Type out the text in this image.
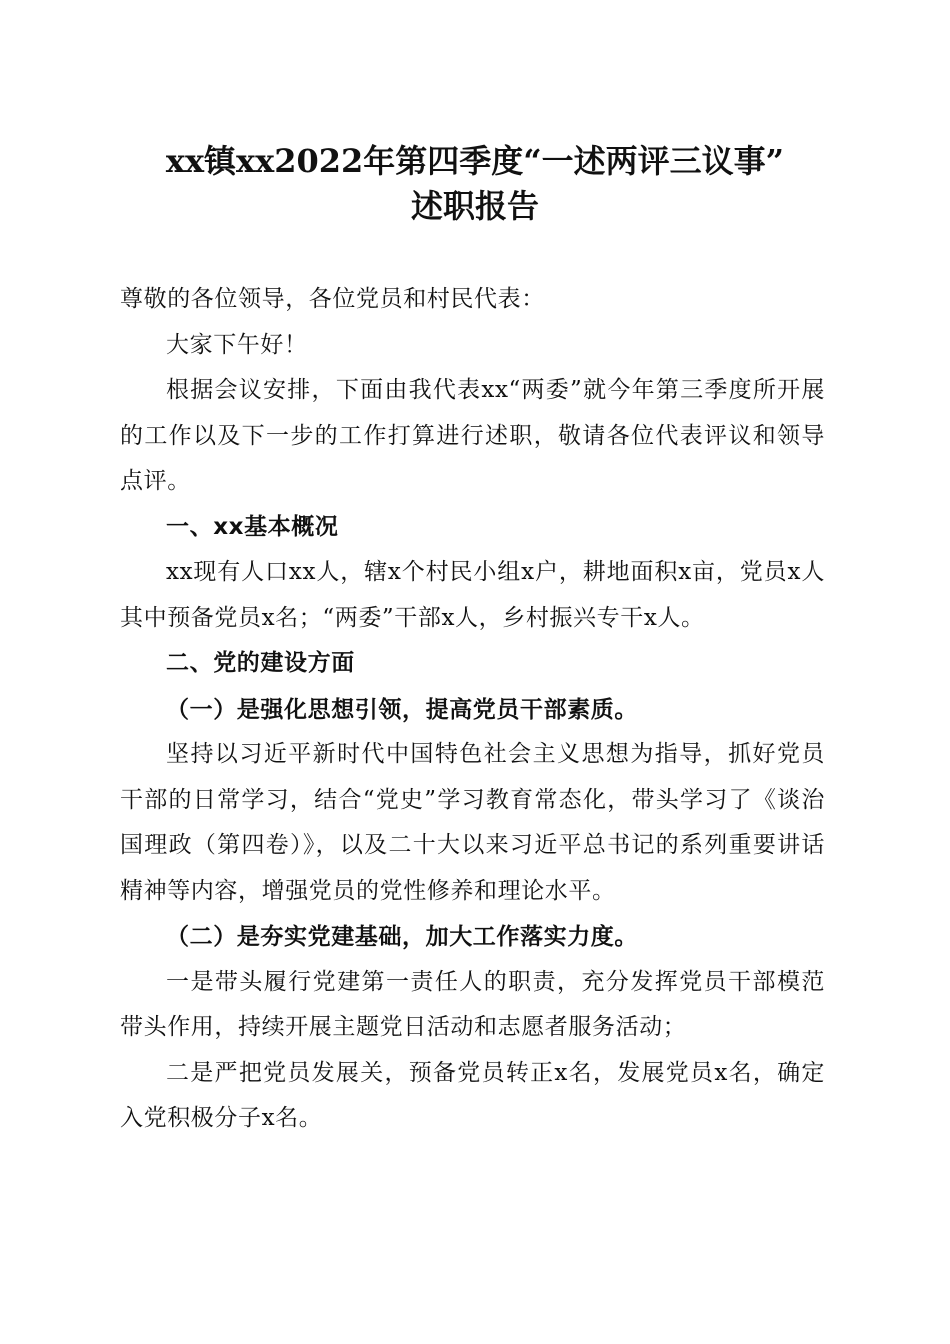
xx镇xx2022年第四季度“一述两评三议事”
述职报告

尊敬的各位领导，各位党员和村民代表：

大家下午好！

根据会议安排，下面由我代表xx“两委”就今年第三季度所开展的工作以及下一步的工作打算进行述职，敬请各位代表评议和领导点评。

一、xx基本概况

xx现有人口xx人，辖x个村民小组x户，耕地面积x亩，党员x人其中预备党员x名；“两委”干部x人，乡村振兴专干x人。

二、党的建设方面

（一）是强化思想引领，提高党员干部素质。

坚持以习近平新时代中国特色社会主义思想为指导，抓好党员干部的日常学习，结合“党史”学习教育常态化，带头学习了《谈治国理政（第四卷）》，以及二十大以来习近平总书记的系列重要讲话精神等内容，增强党员的党性修养和理论水平。

（二）是夯实党建基础，加大工作落实力度。

一是带头履行党建第一责任人的职责，充分发挥党员干部模范带头作用，持续开展主题党日活动和志愿者服务活动；

二是严把党员发展关，预备党员转正x名，发展党员x名，确定入党积极分子x名。
